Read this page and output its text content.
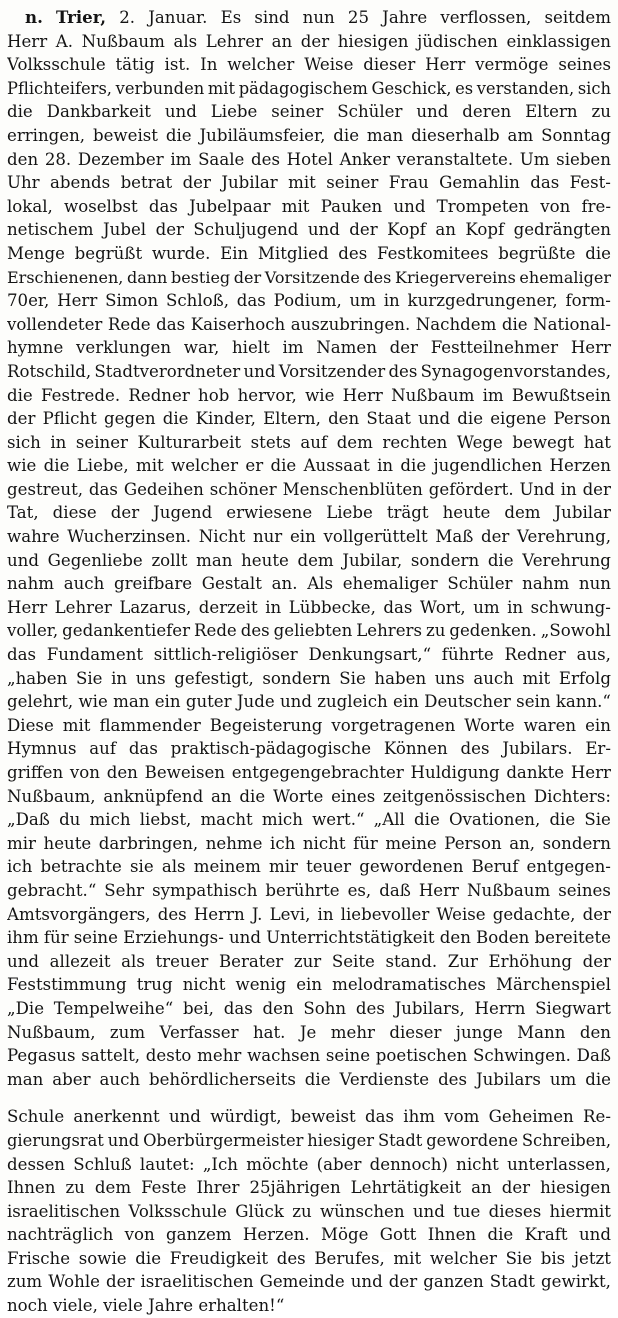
n. Trier, 2. Januar. Es sind nun 25 Jahre verflossen, seitdem
Herr A. Nußbaum als Lehrer an der hiesigen jüdischen einklassigen
Volksschule tätig ist. In welcher Weise dieser Herr vermöge seines
Pflichteifers, verbunden mit pädagogischem Geschick, es verstanden, sich
die Dankbarkeit und Liebe seiner Schüler und deren Eltern zu
erringen, beweist die Jubiläumsfeier, die man dieserhalb am Sonntag
den 28. Dezember im Saale des Hotel Anker veranstaltete. Um sieben
Uhr abends betrat der Jubilar mit seiner Frau Gemahlin das Fest-
lokal, woselbst das Jubelpaar mit Pauken und Trompeten von fre-
netischem Jubel der Schuljugend und der Kopf an Kopf gedrängten
Menge begrüßt wurde. Ein Mitglied des Festkomitees begrüßte die
Erschienenen, dann bestieg der Vorsitzende des Kriegervereins ehemaliger
70er, Herr Simon Schloß, das Podium, um in kurzgedrungener, form-
vollendeter Rede das Kaiserhoch auszubringen. Nachdem die National-
hymne verklungen war, hielt im Namen der Festteilnehmer Herr
Rotschild, Stadtverordneter und Vorsitzender des Synagogenvorstandes,
die Festrede. Redner hob hervor, wie Herr Nußbaum im Bewußtsein
der Pflicht gegen die Kinder, Eltern, den Staat und die eigene Person
sich in seiner Kulturarbeit stets auf dem rechten Wege bewegt hat
wie die Liebe, mit welcher er die Aussaat in die jugendlichen Herzen
gestreut, das Gedeihen schöner Menschenblüten gefördert. Und in der
Tat, diese der Jugend erwiesene Liebe trägt heute dem Jubilar
wahre Wucherzinsen. Nicht nur ein vollgerüttelt Maß der Verehrung,
und Gegenliebe zollt man heute dem Jubilar, sondern die Verehrung
nahm auch greifbare Gestalt an. Als ehemaliger Schüler nahm nun
Herr Lehrer Lazarus, derzeit in Lübbecke, das Wort, um in schwung-
voller, gedankentiefer Rede des geliebten Lehrers zu gedenken. „Sowohl
das Fundament sittlich-religiöser Denkungsart,“ führte Redner aus,
„haben Sie in uns gefestigt, sondern Sie haben uns auch mit Erfolg
gelehrt, wie man ein guter Jude und zugleich ein Deutscher sein kann.“
Diese mit flammender Begeisterung vorgetragenen Worte waren ein
Hymnus auf das praktisch-pädagogische Können des Jubilars. Er-
griffen von den Beweisen entgegengebrachter Huldigung dankte Herr
Nußbaum, anknüpfend an die Worte eines zeitgenössischen Dichters:
„Daß du mich liebst, macht mich wert.“ „All die Ovationen, die Sie
mir heute darbringen, nehme ich nicht für meine Person an, sondern
ich betrachte sie als meinem mir teuer gewordenen Beruf entgegen-
gebracht.“ Sehr sympathisch berührte es, daß Herr Nußbaum seines
Amtsvorgängers, des Herrn J. Levi, in liebevoller Weise gedachte, der
ihm für seine Erziehungs- und Unterrichtstätigkeit den Boden bereitete
und allezeit als treuer Berater zur Seite stand. Zur Erhöhung der
Feststimmung trug nicht wenig ein melodramatisches Märchenspiel
„Die Tempelweihe“ bei, das den Sohn des Jubilars, Herrn Siegwart
Nußbaum, zum Verfasser hat. Je mehr dieser junge Mann den
Pegasus sattelt, desto mehr wachsen seine poetischen Schwingen. Daß
man aber auch behördlicherseits die Verdienste des Jubilars um die
Schule anerkennt und würdigt, beweist das ihm vom Geheimen Re-
gierungsrat und Oberbürgermeister hiesiger Stadt gewordene Schreiben,
dessen Schluß lautet: „Ich möchte (aber dennoch) nicht unterlassen,
Ihnen zu dem Feste Ihrer 25jährigen Lehrtätigkeit an der hiesigen
israelitischen Volksschule Glück zu wünschen und tue dieses hiermit
nachträglich von ganzem Herzen. Möge Gott Ihnen die Kraft und
Frische sowie die Freudigkeit des Berufes, mit welcher Sie bis jetzt
zum Wohle der israelitischen Gemeinde und der ganzen Stadt gewirkt,
noch
viele,
viele
Jahre
erhalten!“
